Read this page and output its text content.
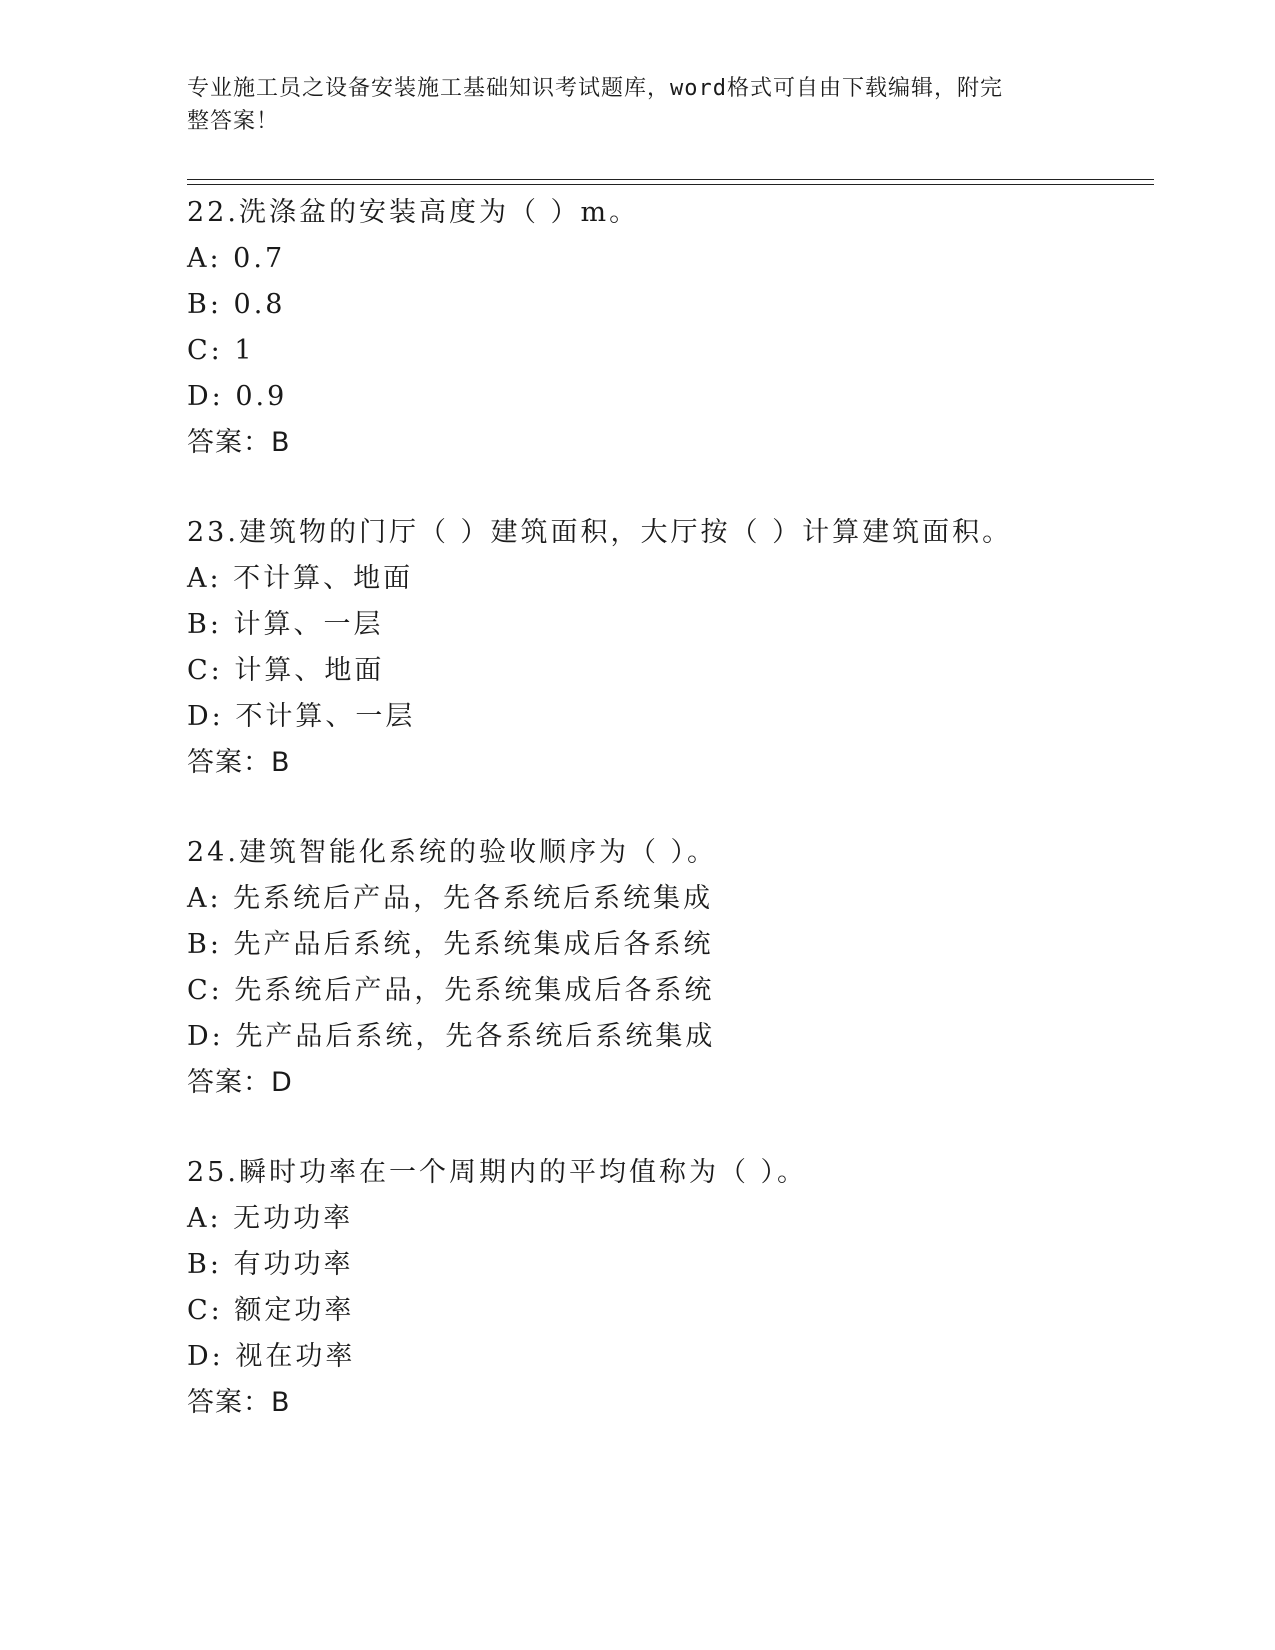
专业施工员之设备安装施工基础知识考试题库，word格式可自由下载编辑，附完
整答案！
22.洗涤盆的安装高度为（ ）m。
A: 0.7
B: 0.8
C: 1
D: 0.9
答案：B
23.建筑物的门厅（ ）建筑面积，大厅按（ ）计算建筑面积。
A: 不计算、地面
B: 计算、一层
C: 计算、地面
D: 不计算、一层
答案：B
24.建筑智能化系统的验收顺序为（ ）。
A: 先系统后产品，先各系统后系统集成
B: 先产品后系统，先系统集成后各系统
C: 先系统后产品，先系统集成后各系统
D: 先产品后系统，先各系统后系统集成
答案：D
25.瞬时功率在一个周期内的平均值称为（ ）。
A: 无功功率
B: 有功功率
C: 额定功率
D: 视在功率
答案：B
